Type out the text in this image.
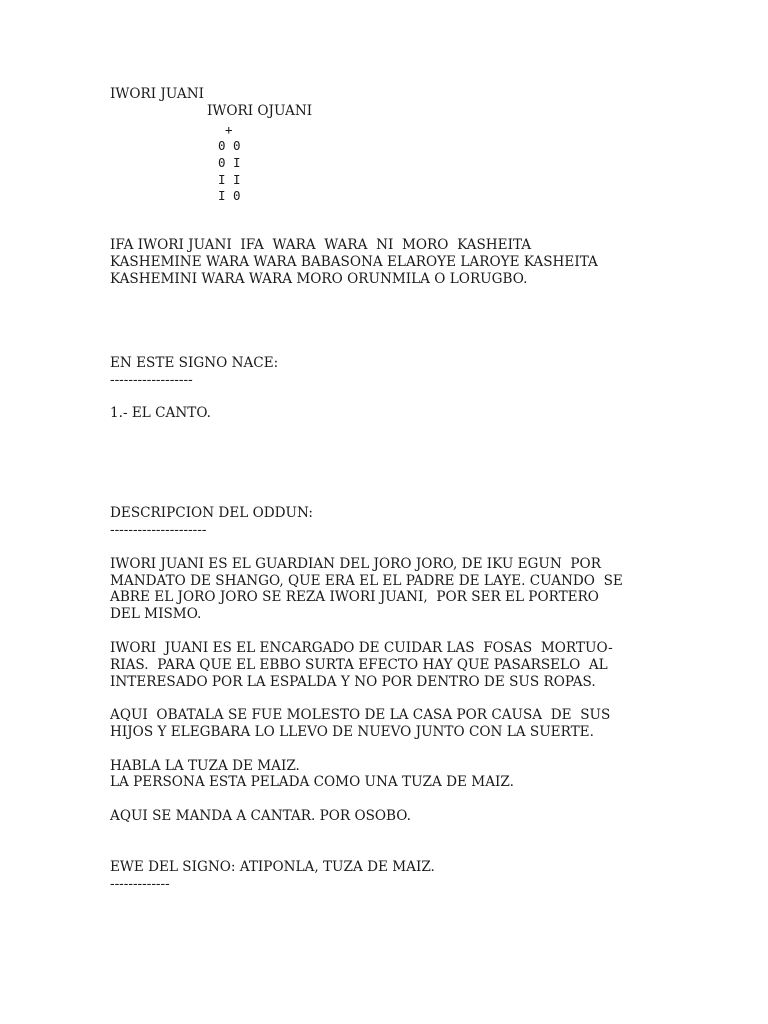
IWORI JUANI
IWORI OJUANI
+
0 0
0 I
I I
I 0
IFA IWORI JUANI  IFA  WARA  WARA  NI  MORO  KASHEITA
KASHEMINE WARA WARA BABASONA ELAROYE LAROYE KASHEITA
KASHEMINI WARA WARA MORO ORUNMILA O LORUGBO.
EN ESTE SIGNO NACE:
------------------
1.- EL CANTO.
DESCRIPCION DEL ODDUN:
---------------------
IWORI JUANI ES EL GUARDIAN DEL JORO JORO, DE IKU EGUN  POR
MANDATO DE SHANGO, QUE ERA EL EL PADRE DE LAYE. CUANDO  SE
ABRE EL JORO JORO SE REZA IWORI JUANI,  POR SER EL PORTERO
DEL MISMO.
IWORI  JUANI ES EL ENCARGADO DE CUIDAR LAS  FOSAS  MORTUO-
RIAS.  PARA QUE EL EBBO SURTA EFECTO HAY QUE PASARSELO  AL
INTERESADO POR LA ESPALDA Y NO POR DENTRO DE SUS ROPAS.
AQUI  OBATALA SE FUE MOLESTO DE LA CASA POR CAUSA  DE  SUS
HIJOS Y ELEGBARA LO LLEVO DE NUEVO JUNTO CON LA SUERTE.
HABLA LA TUZA DE MAIZ.
LA PERSONA ESTA PELADA COMO UNA TUZA DE MAIZ.
AQUI SE MANDA A CANTAR. POR OSOBO.
EWE DEL SIGNO: ATIPONLA, TUZA DE MAIZ.
-------------
